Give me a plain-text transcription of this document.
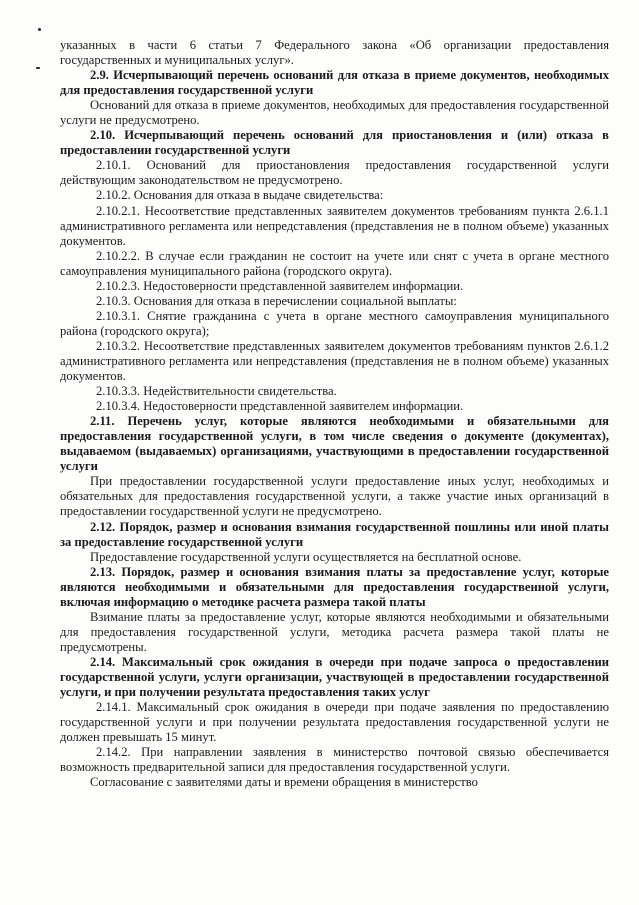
указанных в части 6 статьи 7 Федерального закона «Об организации предоставления государственных и муниципальных услуг».

2.9. Исчерпывающий перечень оснований для отказа в приеме документов, необходимых для предоставления государственной услуги

Оснований для отказа в приеме документов, необходимых для предоставления государственной услуги не предусмотрено.

2.10. Исчерпывающий перечень оснований для приостановления и (или) отказа в предоставлении государственной услуги

2.10.1. Оснований для приостановления предоставления государственной услуги действующим законодательством не предусмотрено.

2.10.2. Основания для отказа в выдаче свидетельства:

2.10.2.1. Несоответствие представленных заявителем документов требованиям пункта 2.6.1.1 административного регламента или непредставления (представления не в полном объеме) указанных документов.

2.10.2.2. В случае если гражданин не состоит на учете или снят с учета в органе местного самоуправления муниципального района (городского округа).

2.10.2.3. Недостоверности представленной заявителем информации.

2.10.3. Основания для отказа в перечислении социальной выплаты:

2.10.3.1. Снятие гражданина с учета в органе местного самоуправления муниципального района (городского округа);

2.10.3.2. Несоответствие представленных заявителем документов требованиям пунктов 2.6.1.2 административного регламента или непредставления (представления не в полном объеме) указанных документов.

2.10.3.3. Недействительности свидетельства.

2.10.3.4. Недостоверности представленной заявителем информации.

2.11. Перечень услуг, которые являются необходимыми и обязательными для предоставления государственной услуги, в том числе сведения о документе (документах), выдаваемом (выдаваемых) организациями, участвующими в предоставлении государственной услуги

При предоставлении государственной услуги предоставление иных услуг, необходимых и обязательных для предоставления государственной услуги, а также участие иных организаций в предоставлении государственной услуги не предусмотрено.

2.12. Порядок, размер и основания взимания государственной пошлины или иной платы за предоставление государственной услуги

Предоставление государственной услуги осуществляется на бесплатной основе.

2.13. Порядок, размер и основания взимания платы за предоставление услуг, которые являются необходимыми и обязательными для предоставления государственной услуги, включая информацию о методике расчета размера такой платы

Взимание платы за предоставление услуг, которые являются необходимыми и обязательными для предоставления государственной услуги, методика расчета размера такой платы не предусмотрены.

2.14. Максимальный срок ожидания в очереди при подаче запроса о предоставлении государственной услуги, услуги организации, участвующей в предоставлении государственной услуги, и при получении результата предоставления таких услуг

2.14.1. Максимальный срок ожидания в очереди при подаче заявления по предоставлению государственной услуги и при получении результата предоставления государственной услуги не должен превышать 15 минут.

2.14.2. При направлении заявления в министерство почтовой связью обеспечивается возможность предварительной записи для предоставления государственной услуги.

Согласование с заявителями даты и времени обращения в министерство
